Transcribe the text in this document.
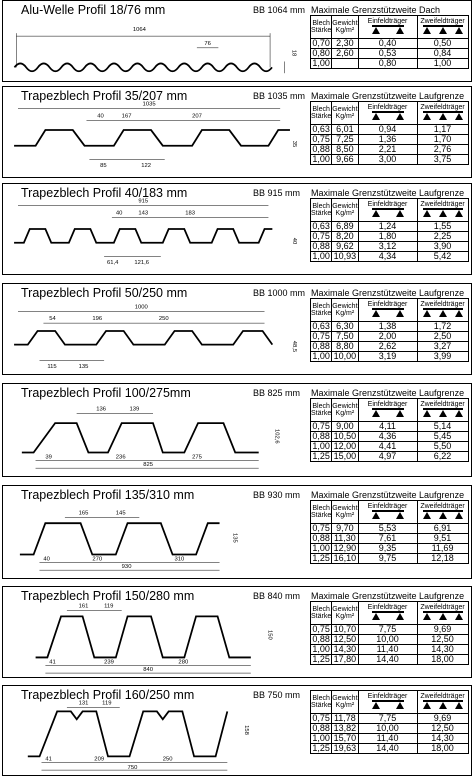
1064
76
18
Alu-Welle Profil 18/76 mm	BB 1064 mm Maximale Grenzstützweite Dach
Blech
Stärke	Gewicht
Kg/m²	Einfeldträger	Zweifeldträger

0,70	2,30	0,40	0,50
0,80	2,60	0,53	0,84
1,00		0,80	1,00
1035
40	167	207
85	122
35
Trapezblech Profil 35/207 mm	BB 1035 mm Maximale Grenzstützweite Laufgrenze
Blech
Stärke	Gewicht
Kg/m²	Einfeldträger	Zweifeldträger

0,63	6,01	0,94	1,17
0,75	7,25	1,36	1,70
0,88	8,50	2,21	2,76
1,00	9,66	3,00	3,75
915
40	143	183
61,4	121,6
40
Trapezblech Profil 40/183 mm	BB 915 mm Maximale Grenzstützweite Laufgrenze
Blech
Stärke	Gewicht
Kg/m²	Einfeldträger	Zweifeldträger

0,63	6,89	1,24	1,55
0,75	8,20	1,80	2,25
0,88	9,62	3,12	3,90
1,00	10,93	4,34	5,42
1000
54	196	250
115	135
48,5
Trapezblech Profil 50/250 mm	BB 1000 mm Maximale Grenzstützweite Laufgrenze
Blech
Stärke	Gewicht
Kg/m²	Einfeldträger	Zweifeldträger

0,63	6,30	1,38	1,72
0,75	7,50	2,00	2,50
0,88	8,80	2,62	3,27
1,00	10,00	3,19	3,99
136	139
39	236	275
825
102,6
Trapezblech Profil 100/275mm	BB 825 mm Maximale Grenzstützweite Laufgrenze
Blech
Stärke	Gewicht
Kg/m²	Einfeldträger	Zweifeldträger

0,75	9,00	4,11	5,14
0,88	10,50	4,36	5,45
1,00	12,00	4,41	5,50
1,25	15,00	4,97	6,22
165	145
40	270	310
930
135
Trapezblech Profil 135/310 mm	BB 930 mm Maximale Grenzstützweite Laufgrenze
Blech
Stärke	Gewicht
Kg/m²	Einfeldträger	Zweifeldträger

0,75	9,70	5,53	6,91
0,88	11,30	7,61	9,51
1,00	12,90	9,35	11,69
1,25	16,10	9,75	12,18
161	119
41	239	280
840
150
Trapezblech Profil 150/280 mm	BB 840 mm Maximale Grenzstützweite Laufgrenze
Blech
Stärke	Gewicht
Kg/m²	Einfeldträger	Zweifeldträger

0,75	10,70	7,75	9,69
0,88	12,50	10,00	12,50
1,00	14,30	11,40	14,30
1,25	17,80	14,40	18,00
131 119
41	209	250
750
158
Trapezblech Profil 160/250 mm	BB 750 mm Blech
Stärke	Gewicht
Kg/m²	Einfeldträger	Zweifeldträger

0,75	11,78	7,75	9,69
0,88	13,82	10,00	12,50
1,00	15,70	11,40	14,30
1,25	19,63	14,40	18,00
